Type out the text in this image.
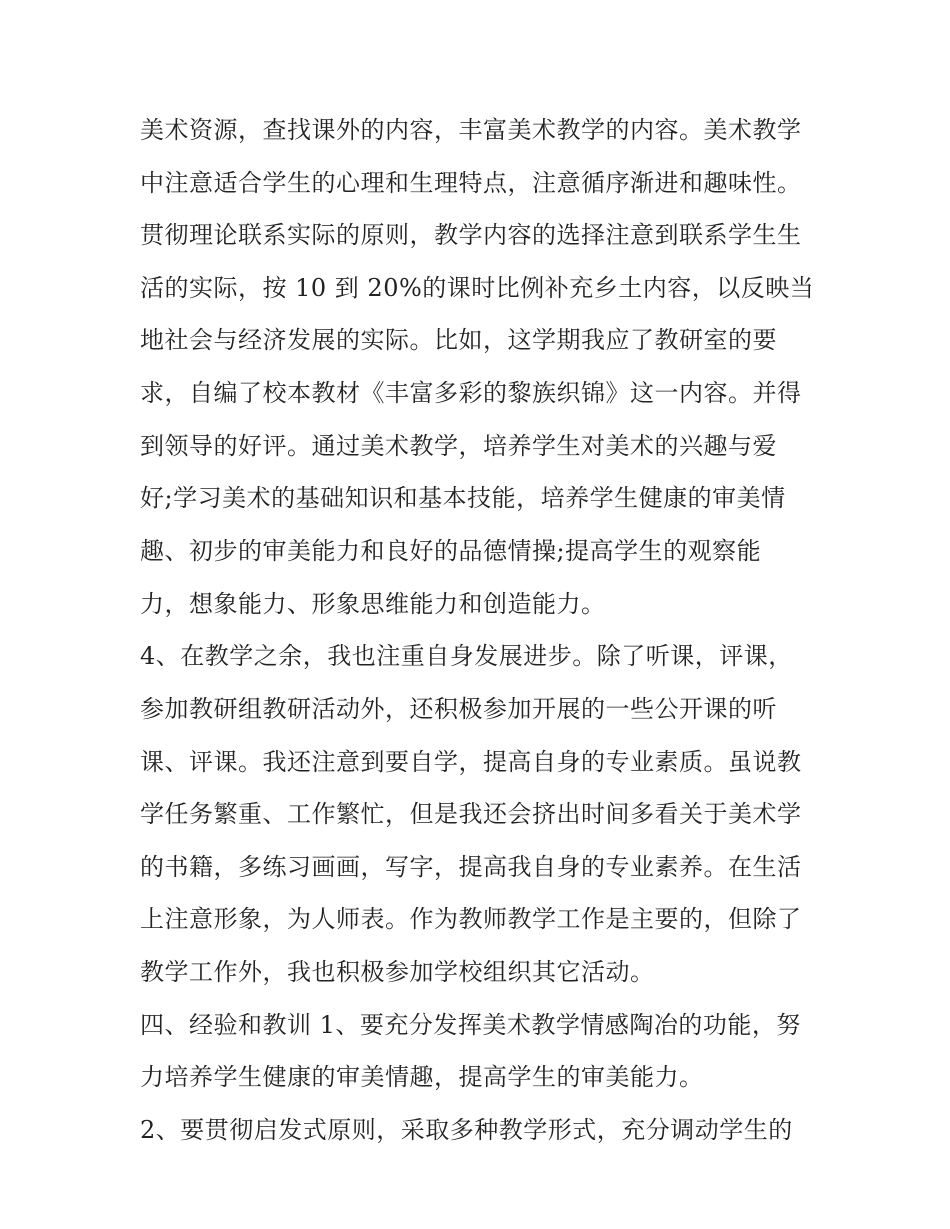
美术资源，查找课外的内容，丰富美术教学的内容。美术教学
中注意适合学生的心理和生理特点，注意循序渐进和趣味性。
贯彻理论联系实际的原则，教学内容的选择注意到联系学生生
活的实际，按 10 到 20%的课时比例补充乡土内容，以反映当
地社会与经济发展的实际。比如，这学期我应了教研室的要
求，自编了校本教材《丰富多彩的黎族织锦》这一内容。并得
到领导的好评。通过美术教学，培养学生对美术的兴趣与爱
好;学习美术的基础知识和基本技能，培养学生健康的审美情
趣、初步的审美能力和良好的品德情操;提高学生的观察能
力，想象能力、形象思维能力和创造能力。
4、在教学之余，我也注重自身发展进步。除了听课，评课，
参加教研组教研活动外，还积极参加开展的一些公开课的听
课、评课。我还注意到要自学，提高自身的专业素质。虽说教
学任务繁重、工作繁忙，但是我还会挤出时间多看关于美术学
的书籍，多练习画画，写字，提高我自身的专业素养。在生活
上注意形象，为人师表。作为教师教学工作是主要的，但除了
教学工作外，我也积极参加学校组织其它活动。
四、经验和教训 1、要充分发挥美术教学情感陶冶的功能，努
力培养学生健康的审美情趣，提高学生的审美能力。
2、要贯彻启发式原则，采取多种教学形式，充分调动学生的
